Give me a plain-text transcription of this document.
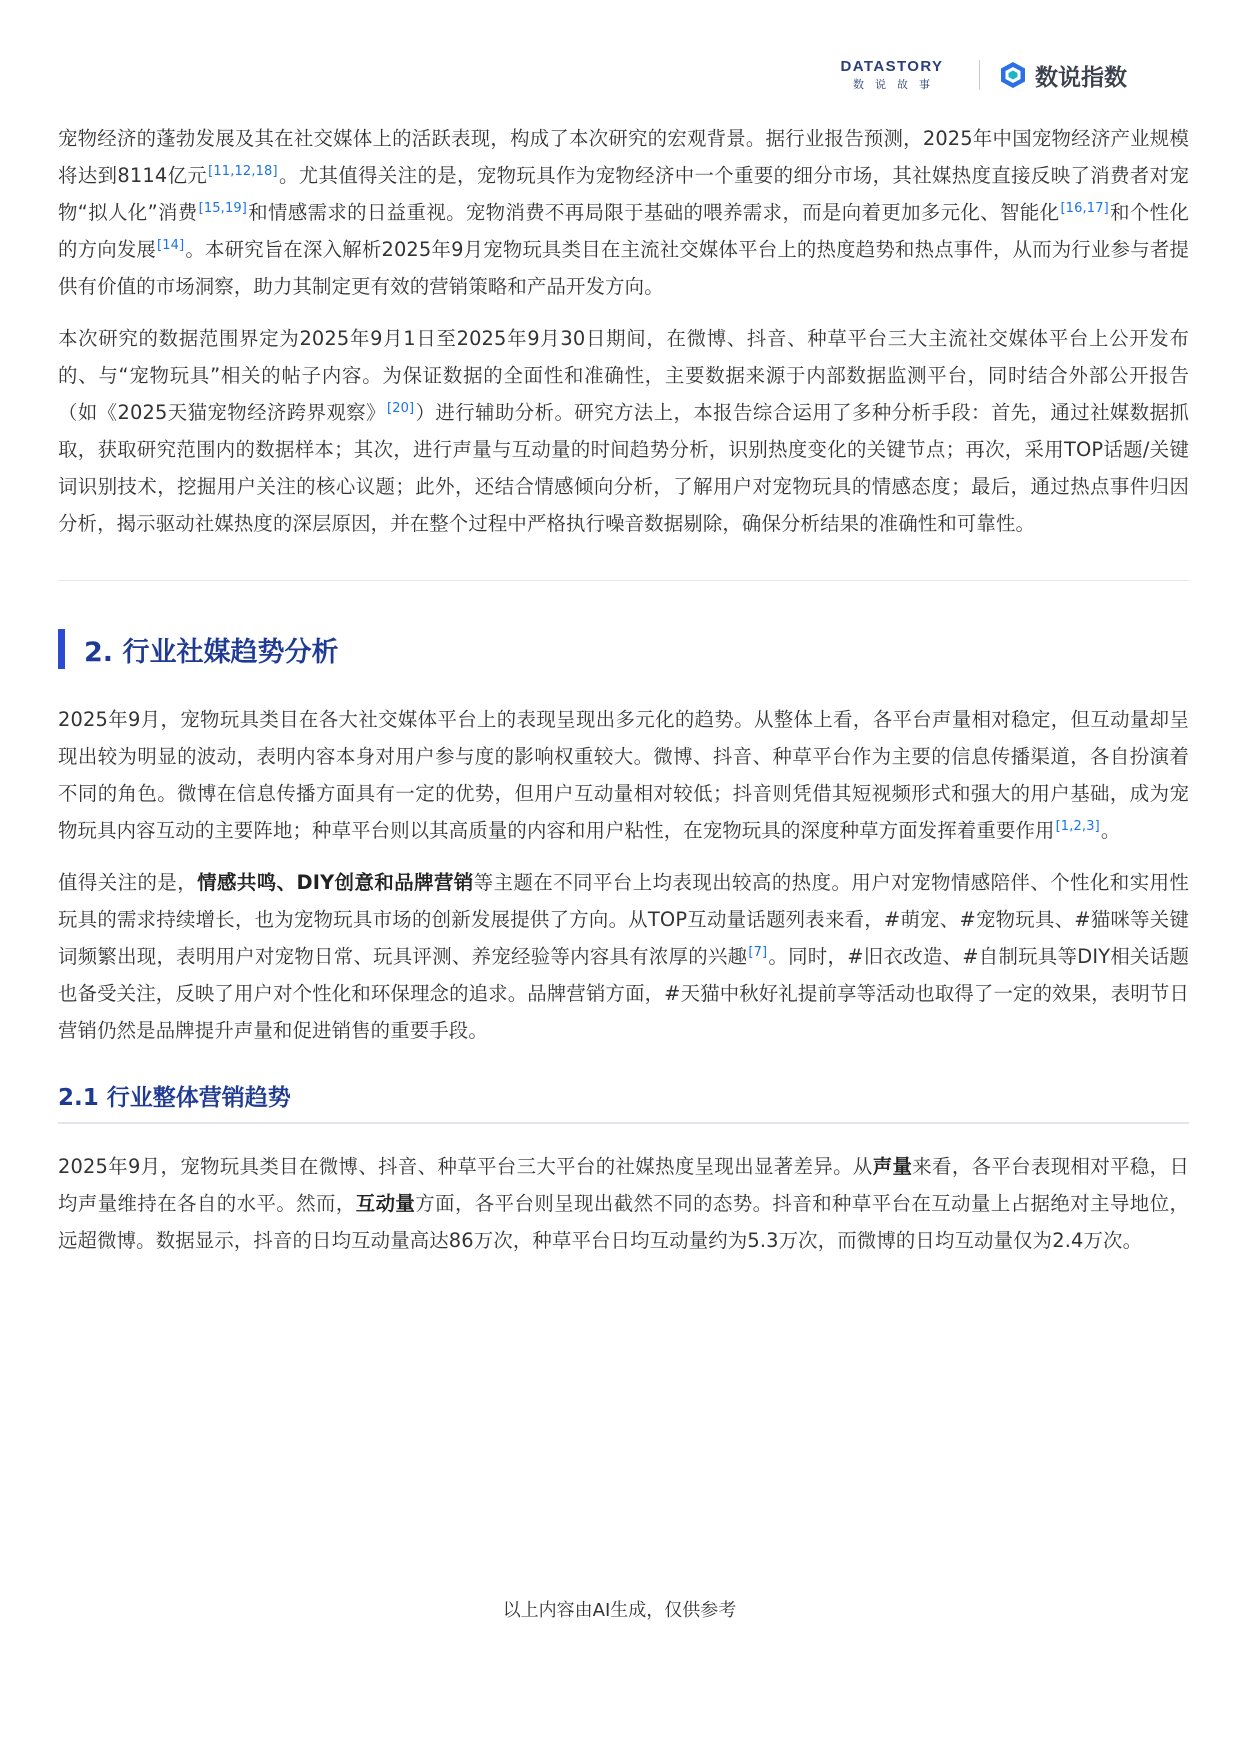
DATASTORY
数说故事	数说指数

宠物经济的蓬勃发展及其在社交媒体上的活跃表现，构成了本次研究的宏观背景。据行业报告预测，2025年中国宠物经济产业规模将达到8114亿元[11,12,18]。尤其值得关注的是，宠物玩具作为宠物经济中一个重要的细分市场，其社媒热度直接反映了消费者对宠物“拟人化”消费[15,19]和情感需求的日益重视。宠物消费不再局限于基础的喂养需求，而是向着更加多元化、智能化[16,17]和个性化的方向发展[14]。本研究旨在深入解析2025年9月宠物玩具类目在主流社交媒体平台上的热度趋势和热点事件，从而为行业参与者提供有价值的市场洞察，助力其制定更有效的营销策略和产品开发方向。

本次研究的数据范围界定为2025年9月1日至2025年9月30日期间，在微博、抖音、种草平台三大主流社交媒体平台上公开发布的、与“宠物玩具”相关的帖子内容。为保证数据的全面性和准确性，主要数据来源于内部数据监测平台，同时结合外部公开报告（如《2025天猫宠物经济跨界观察》[20]）进行辅助分析。研究方法上，本报告综合运用了多种分析手段：首先，通过社媒数据抓取，获取研究范围内的数据样本；其次，进行声量与互动量的时间趋势分析，识别热度变化的关键节点；再次，采用TOP话题/关键词识别技术，挖掘用户关注的核心议题；此外，还结合情感倾向分析，了解用户对宠物玩具的情感态度；最后，通过热点事件归因分析，揭示驱动社媒热度的深层原因，并在整个过程中严格执行噪音数据剔除，确保分析结果的准确性和可靠性。

2. 行业社媒趋势分析

2025年9月，宠物玩具类目在各大社交媒体平台上的表现呈现出多元化的趋势。从整体上看，各平台声量相对稳定，但互动量却呈现出较为明显的波动，表明内容本身对用户参与度的影响权重较大。微博、抖音、种草平台作为主要的信息传播渠道，各自扮演着不同的角色。微博在信息传播方面具有一定的优势，但用户互动量相对较低；抖音则凭借其短视频形式和强大的用户基础，成为宠物玩具内容互动的主要阵地；种草平台则以其高质量的内容和用户粘性，在宠物玩具的深度种草方面发挥着重要作用[1,2,3]。

值得关注的是，情感共鸣、DIY创意和品牌营销等主题在不同平台上均表现出较高的热度。用户对宠物情感陪伴、个性化和实用性玩具的需求持续增长，也为宠物玩具市场的创新发展提供了方向。从TOP互动量话题列表来看，#萌宠、#宠物玩具、#猫咪等关键词频繁出现，表明用户对宠物日常、玩具评测、养宠经验等内容具有浓厚的兴趣[7]。同时，#旧衣改造、#自制玩具等DIY相关话题也备受关注，反映了用户对个性化和环保理念的追求。品牌营销方面，#天猫中秋好礼提前享等活动也取得了一定的效果，表明节日营销仍然是品牌提升声量和促进销售的重要手段。

2.1 行业整体营销趋势

2025年9月，宠物玩具类目在微博、抖音、种草平台三大平台的社媒热度呈现出显著差异。从声量来看，各平台表现相对平稳，日均声量维持在各自的水平。然而，互动量方面，各平台则呈现出截然不同的态势。抖音和种草平台在互动量上占据绝对主导地位，远超微博。数据显示，抖音的日均互动量高达86万次，种草平台日均互动量约为5.3万次，而微博的日均互动量仅为2.4万次。

以上内容由AI生成，仅供参考
